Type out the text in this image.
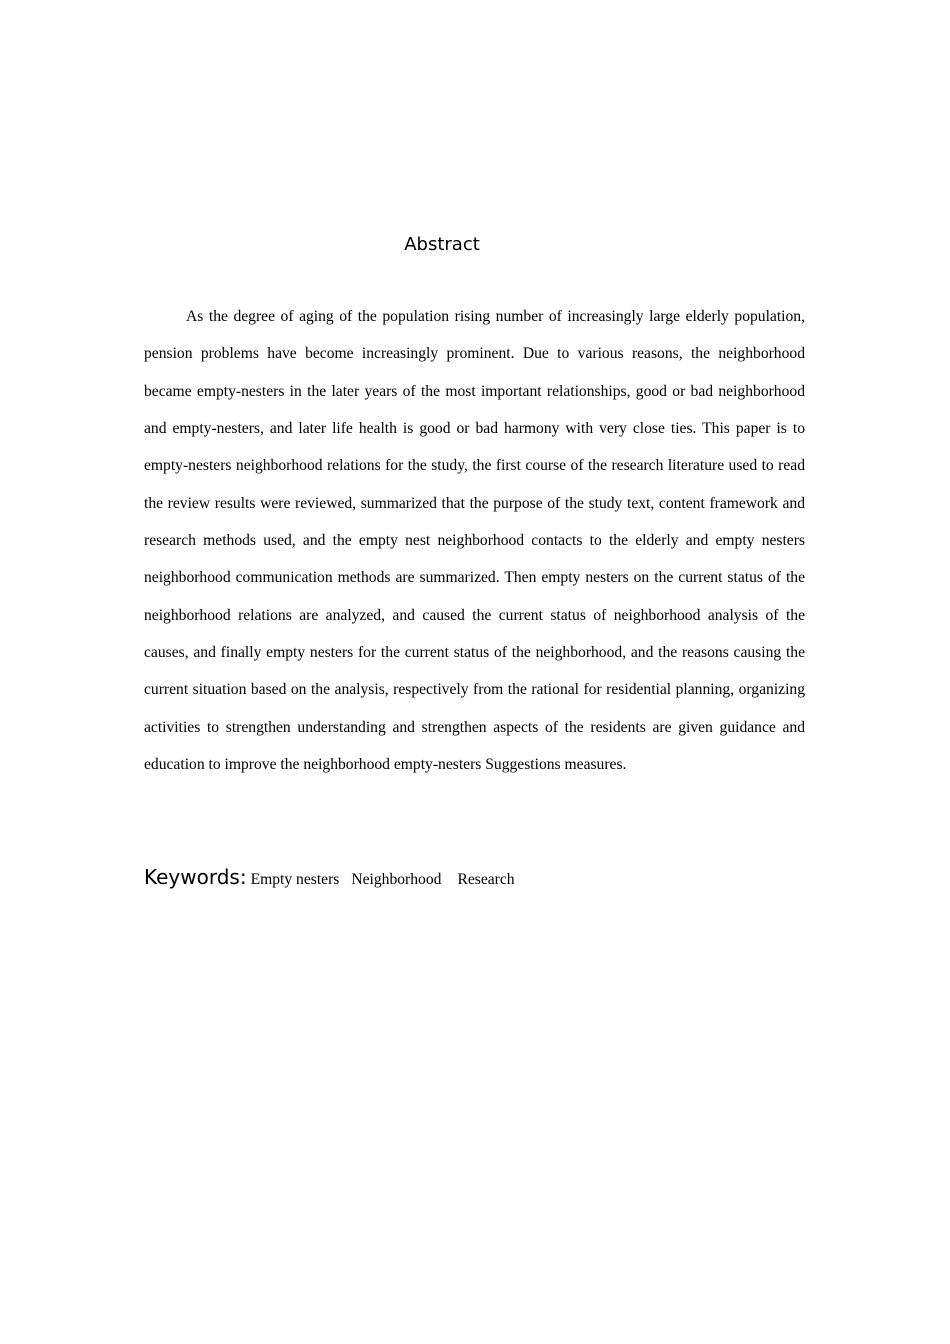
Abstract

As the degree of aging of the population rising number of increasingly large elderly population, pension problems have become increasingly prominent. Due to various reasons, the neighborhood became empty-nesters in the later years of the most important relationships, good or bad neighborhood and empty-nesters, and later life health is good or bad harmony with very close ties. This paper is to empty-nesters neighborhood relations for the study, the first course of the research literature used to read the review results were reviewed, summarized that the purpose of the study text, content framework and research methods used, and the empty nest neighborhood contacts to the elderly and empty nesters neighborhood communication methods are summarized. Then empty nesters on the current status of the neighborhood relations are analyzed, and caused the current status of neighborhood analysis of the causes, and finally empty nesters for the current status of the neighborhood, and the reasons causing the current situation based on the analysis, respectively from the rational for residential planning, organizing activities to strengthen understanding and strengthen aspects of the residents are given guidance and education to improve the neighborhood empty-nesters Suggestions measures.

Keywords: Empty nesters Neighborhood Research
